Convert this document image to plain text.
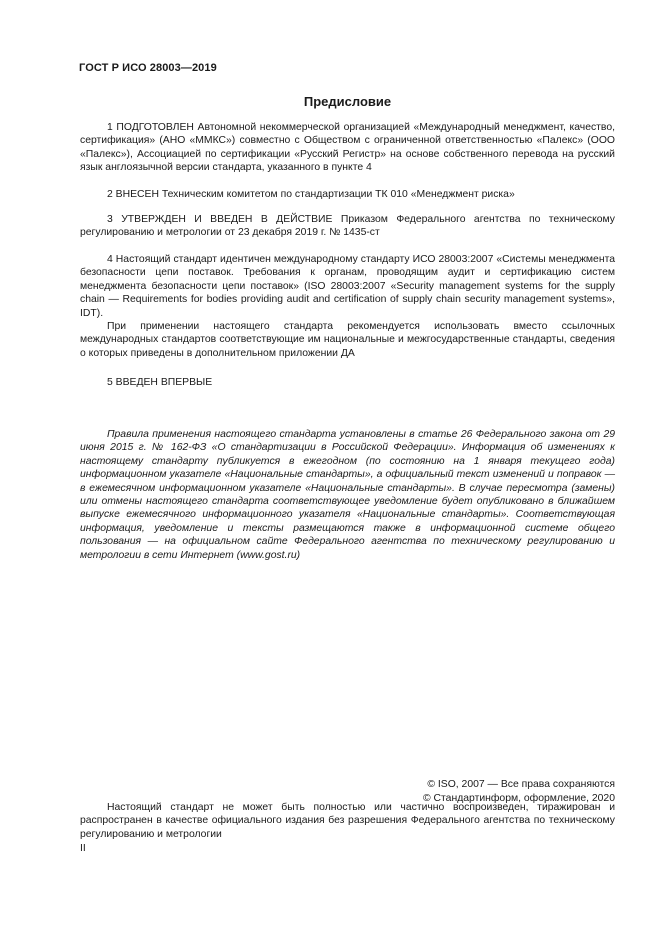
ГОСТ Р ИСО 28003—2019
Предисловие

1 ПОДГОТОВЛЕН Автономной некоммерческой организацией «Международный менеджмент, качество, сертификация» (АНО «ММКС») совместно с Обществом с ограниченной ответственностью «Палекс» (ООО «Палекс»), Ассоциацией по сертификации «Русский Регистр» на основе собственного перевода на русский язык англоязычной версии стандарта, указанного в пункте 4

2 ВНЕСЕН Техническим комитетом по стандартизации ТК 010 «Менеджмент риска»

3 УТВЕРЖДЕН И ВВЕДЕН В ДЕЙСТВИЕ Приказом Федерального агентства по техническому регулированию и метрологии от 23 декабря 2019 г. № 1435-ст

4 Настоящий стандарт идентичен международному стандарту ИСО 28003:2007 «Системы менеджмента безопасности цепи поставок. Требования к органам, проводящим аудит и сертификацию систем менеджмента безопасности цепи поставок» (ISO 28003:2007 «Security management systems for the supply chain — Requirements for bodies providing audit and certification of supply chain security management systems», IDT).

При применении настоящего стандарта рекомендуется использовать вместо ссылочных международных стандартов соответствующие им национальные и межгосударственные стандарты, сведения о которых приведены в дополнительном приложении ДА

5 ВВЕДЕН ВПЕРВЫЕ

Правила применения настоящего стандарта установлены в статье 26 Федерального закона от 29 июня 2015 г. № 162-ФЗ «О стандартизации в Российской Федерации». Информация об изменениях к настоящему стандарту публикуется в ежегодном (по состоянию на 1 января текущего года) информационном указателе «Национальные стандарты», а официальный текст изменений и поправок — в ежемесячном информационном указателе «Национальные стандарты». В случае пересмотра (замены) или отмены настоящего стандарта соответствующее уведомление будет опубликовано в ближайшем выпуске ежемесячного информационного указателя «Национальные стандарты». Соответствующая информация, уведомление и тексты размещаются также в информационной системе общего пользования — на официальном сайте Федерального агентства по техническому регулированию и метрологии в сети Интернет (www.gost.ru)

© ISO, 2007 — Все права сохраняются
© Стандартинформ, оформление, 2020

Настоящий стандарт не может быть полностью или частично воспроизведен, тиражирован и распространен в качестве официального издания без разрешения Федерального агентства по техническому регулированию и метрологии

II
